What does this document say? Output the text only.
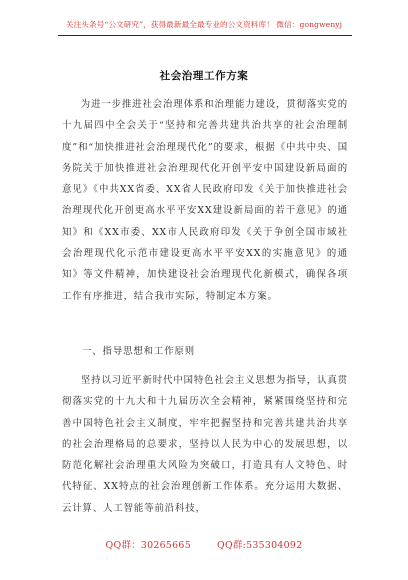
关注头条号“公文研究”，获得最新最全最专业的公文资料库！ 微信：gongwenyj
社会治理工作方案

为进一步推进社会治理体系和治理能力建设，贯彻落实党的十九届四中全会关于“坚持和完善共建共治共享的社会治理制度”和“加快推进社会治理现代化”的要求，根据《中共中央、国务院关于加快推进社会治理现代化开创平安中国建设新局面的意见》《中共XX省委、XX省人民政府印发《关于加快推进社会治理现代化开创更高水平平安XX建设新局面的若干意见》的通知》和《XX市委、XX市人民政府印发《关于争创全国市域社会治理现代化示范市建设更高水平平安XX的实施意见》的通知》等文件精神，加快建设社会治理现代化新模式，确保各项工作有序推进，结合我市实际，特制定本方案。

一、指导思想和工作原则

坚持以习近平新时代中国特色社会主义思想为指导，认真贯彻落实党的十九大和十九届历次全会精神，紧紧围绕坚持和完善中国特色社会主义制度，牢牢把握坚持和完善共建共治共享的社会治理格局的总要求，坚持以人民为中心的发展思想，以防范化解社会治理重大风险为突破口，打造具有人文特色、时代特征、XX特点的社会治理创新工作体系。充分运用大数据、云计算、人工智能等前沿科技，

QQ群：30265665	QQ群:535304092
